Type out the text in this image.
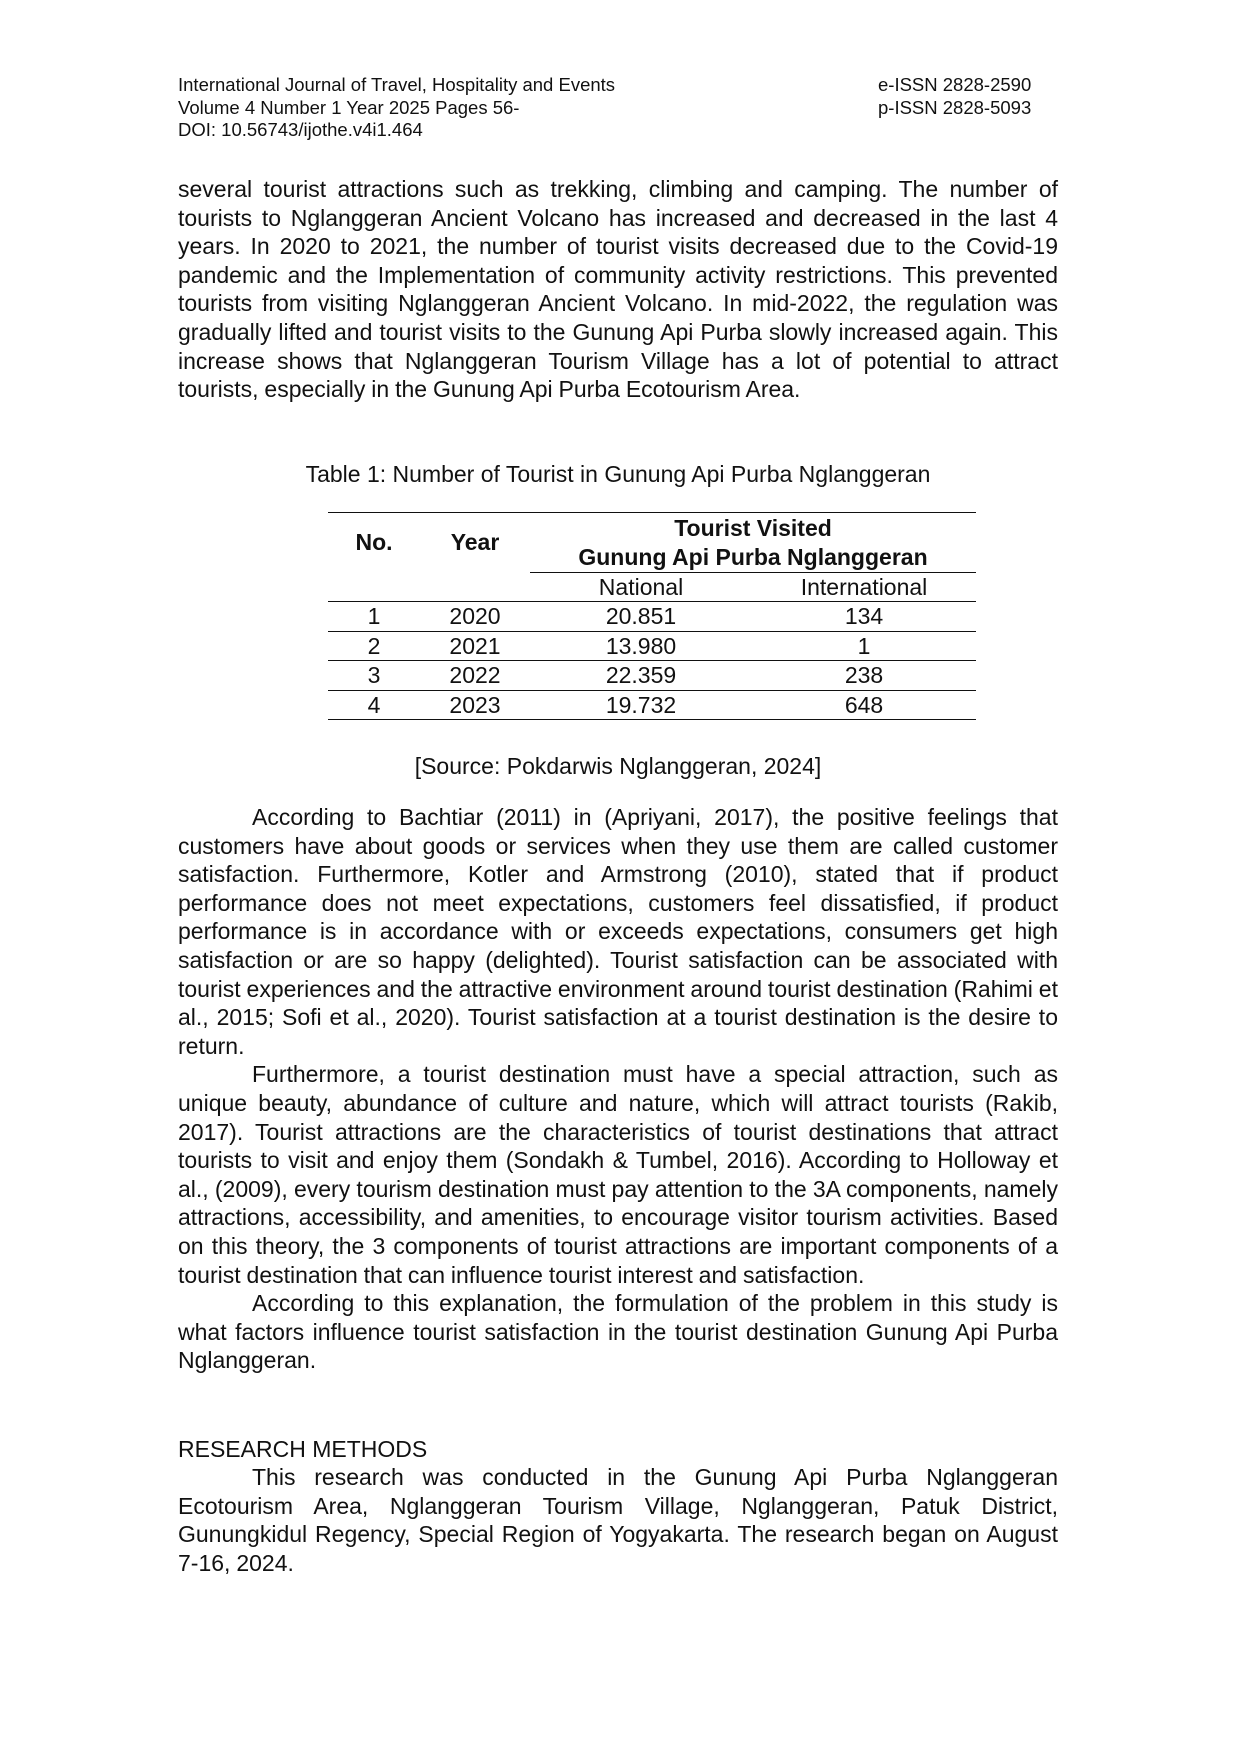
International Journal of Travel, Hospitality and Events
Volume 4 Number 1 Year 2025 Pages 56-
DOI: 10.56743/ijothe.v4i1.464
e-ISSN 2828-2590
p-ISSN 2828-5093

several tourist attractions such as trekking, climbing and camping. The number of tourists to Nglanggeran Ancient Volcano has increased and decreased in the last 4 years. In 2020 to 2021, the number of tourist visits decreased due to the Covid-19 pandemic and the Implementation of community activity restrictions. This prevented tourists from visiting Nglanggeran Ancient Volcano. In mid-2022, the regulation was gradually lifted and tourist visits to the Gunung Api Purba slowly increased again. This increase shows that Nglanggeran Tourism Village has a lot of potential to attract tourists, especially in the Gunung Api Purba Ecotourism Area.

Table 1: Number of Tourist in Gunung Api Purba Nglanggeran
No.	Year	Tourist Visited	
		Gunung Api Purba Nglanggeran	
		National	International
1	2020	20.851	134
2	2021	13.980	1
3	2022	22.359	238
4	2023	19.732	648
[Source: Pokdarwis Nglanggeran, 2024]

According to Bachtiar (2011) in (Apriyani, 2017), the positive feelings that customers have about goods or services when they use them are called customer satisfaction. Furthermore, Kotler and Armstrong (2010), stated that if product performance does not meet expectations, customers feel dissatisfied, if product performance is in accordance with or exceeds expectations, consumers get high satisfaction or are so happy (delighted). Tourist satisfaction can be associated with tourist experiences and the attractive environment around tourist destination (Rahimi et al., 2015; Sofi et al., 2020). Tourist satisfaction at a tourist destination is the desire to return.

Furthermore, a tourist destination must have a special attraction, such as unique beauty, abundance of culture and nature, which will attract tourists (Rakib, 2017). Tourist attractions are the characteristics of tourist destinations that attract tourists to visit and enjoy them (Sondakh & Tumbel, 2016). According to Holloway et al., (2009), every tourism destination must pay attention to the 3A components, namely attractions, accessibility, and amenities, to encourage visitor tourism activities. Based on this theory, the 3 components of tourist attractions are important components of a tourist destination that can influence tourist interest and satisfaction.

According to this explanation, the formulation of the problem in this study is what factors influence tourist satisfaction in the tourist destination Gunung Api Purba Nglanggeran.

RESEARCH METHODS

This research was conducted in the Gunung Api Purba Nglanggeran Ecotourism Area, Nglanggeran Tourism Village, Nglanggeran, Patuk District, Gunungkidul Regency, Special Region of Yogyakarta. The research began on August 7-16, 2024.
